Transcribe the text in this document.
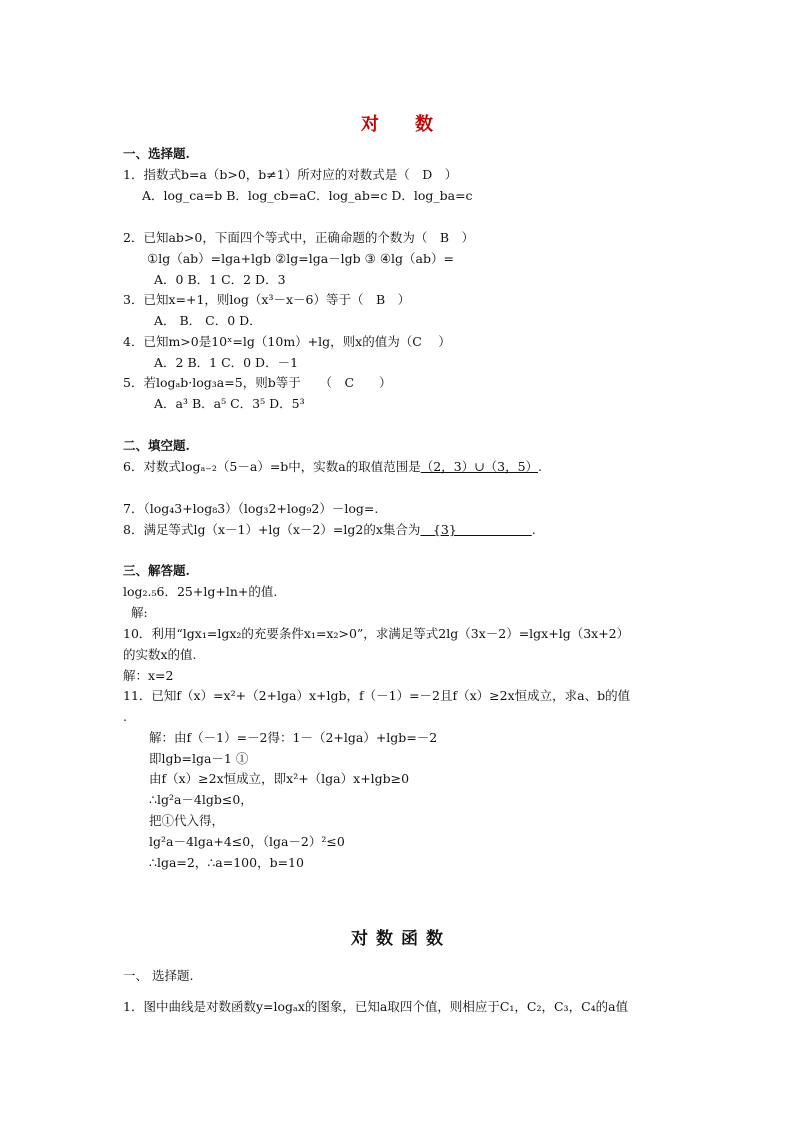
对 数
一、选择题.
1．指数式b=a（b>0，b≠1）所对应的对数式是（　D　）
A．log_ca=b B．log_cb=aC．log_ab=c D．log_ba=c
2．已知ab>0，下面四个等式中，正确命题的个数为（　B　）
①lg（ab）=lga+lgb ②lg=lga－lgb ③ ④lg（ab）=
A．0 B．1 C．2 D．3
3．已知x=+1，则log（x³－x－6）等于（　B　）
A． B． C．0 D．
4．已知m>0是10ˣ=lg（10m）+lg，则x的值为（C　 ）
A．2 B．1 C．0 D．－1
5．若logₐb·log₃a=5，则b等于　　（　C　　）
A．a³ B．a⁵ C．3⁵ D．5³
二、填空题.
6．对数式logₐ₋₂（5－a）=b中，实数a的取值范围是（2，3）∪（3，5）.
7．（log₄3+log₈3）（log₃2+log₉2）－log=.
8．满足等式lg（x－1）+lg（x－2）=lg2的x集合为　{3}　　　　　　.
三、解答题.
log₂.₅6．25+lg+ln+的值.
解:
10．利用“lgx₁=lgx₂的充要条件x₁=x₂>0”，求满足等式2lg（3x－2）=lgx+lg（3x+2）
的实数x的值.
解：x=2
11．已知f（x）=x²+（2+lga）x+lgb，f（－1）=－2且f（x）≥2x恒成立，求a、b的值
.
解：由f（－1）=－2得：1－（2+lga）+lgb=－2
即lgb=lga－1 ①
由f（x）≥2x恒成立，即x²+（lga）x+lgb≥0
∴lg²a－4lgb≤0，
把①代入得，
lg²a－4lga+4≤0，（lga－2）²≤0
∴lga=2，∴a=100，b=10
对 数 函 数
一、 选择题.
1．图中曲线是对数函数y=logₐx的图象，已知a取四个值，则相应于C₁，C₂，C₃，C₄的a值
